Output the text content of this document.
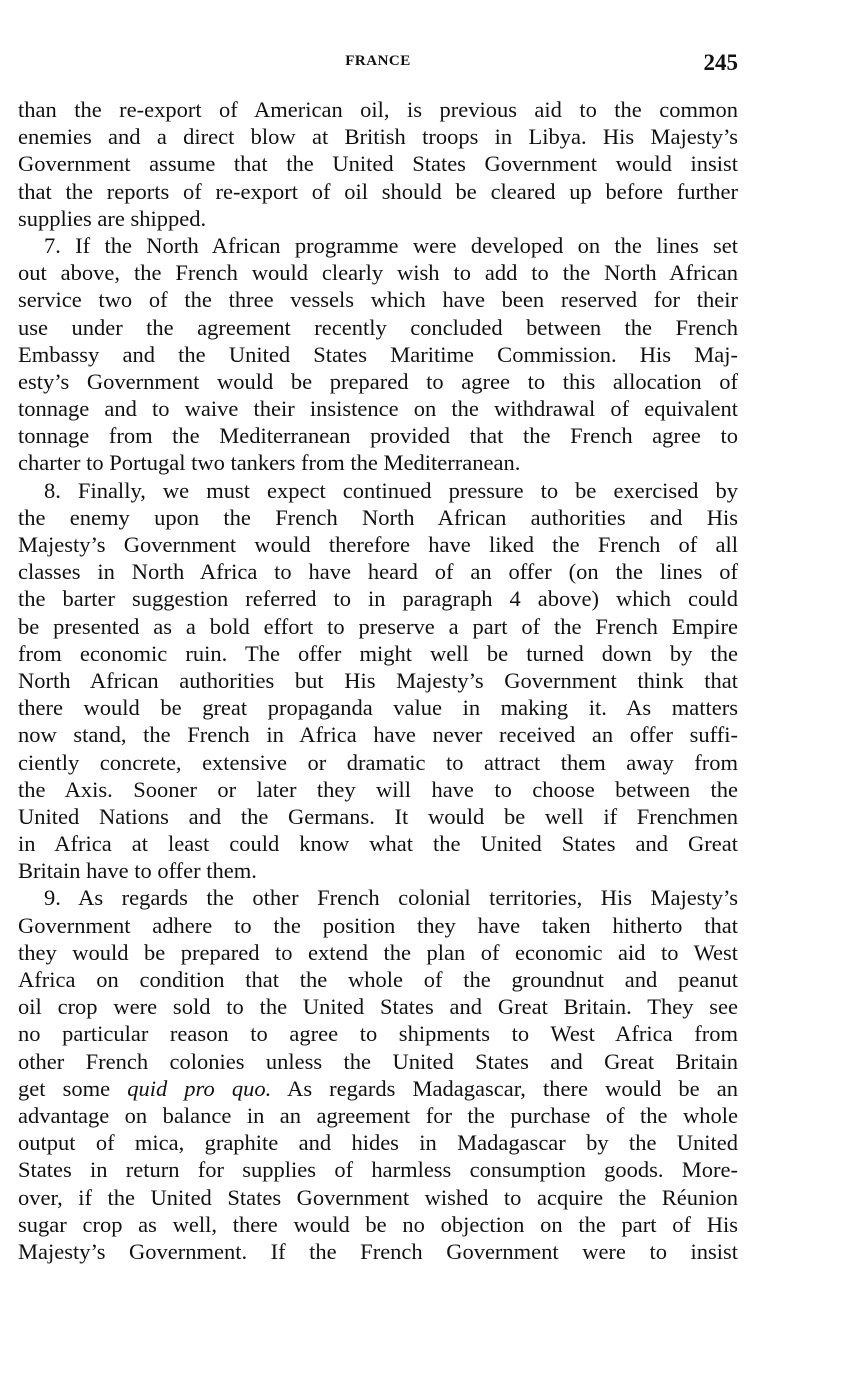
FRANCE	245
than the re-export of American oil, is previous aid to the common
enemies and a direct blow at British troops in Libya. His Majesty’s
Government assume that the United States Government would insist
that the reports of re-export of oil should be cleared up before further
supplies are shipped.
7. If the North African programme were developed on the lines set
out above, the French would clearly wish to add to the North African
service two of the three vessels which have been reserved for their
use under the agreement recently concluded between the French
Embassy and the United States Maritime Commission. His Maj-
esty’s Government would be prepared to agree to this allocation of
tonnage and to waive their insistence on the withdrawal of equivalent
tonnage from the Mediterranean provided that the French agree to
charter to Portugal two tankers from the Mediterranean.
8. Finally, we must expect continued pressure to be exercised by
the enemy upon the French North African authorities and His
Majesty’s Government would therefore have liked the French of all
classes in North Africa to have heard of an offer (on the lines of
the barter suggestion referred to in paragraph 4 above) which could
be presented as a bold effort to preserve a part of the French Empire
from economic ruin. The offer might well be turned down by the
North African authorities but His Majesty’s Government think that
there would be great propaganda value in making it. As matters
now stand, the French in Africa have never received an offer suffi-
ciently concrete, extensive or dramatic to attract them away from
the Axis. Sooner or later they will have to choose between the
United Nations and the Germans. It would be well if Frenchmen
in Africa at least could know what the United States and Great
Britain have to offer them.
9. As regards the other French colonial territories, His Majesty’s
Government adhere to the position they have taken hitherto that
they would be prepared to extend the plan of economic aid to West
Africa on condition that the whole of the groundnut and peanut
oil crop were sold to the United States and Great Britain. They see
no particular reason to agree to shipments to West Africa from
other French colonies unless the United States and Great Britain
get some quid pro quo. As regards Madagascar, there would be an
advantage on balance in an agreement for the purchase of the whole
output of mica, graphite and hides in Madagascar by the United
States in return for supplies of harmless consumption goods. More-
over, if the United States Government wished to acquire the Réunion
sugar crop as well, there would be no objection on the part of His
Majesty’s Government. If the French Government were to insist
